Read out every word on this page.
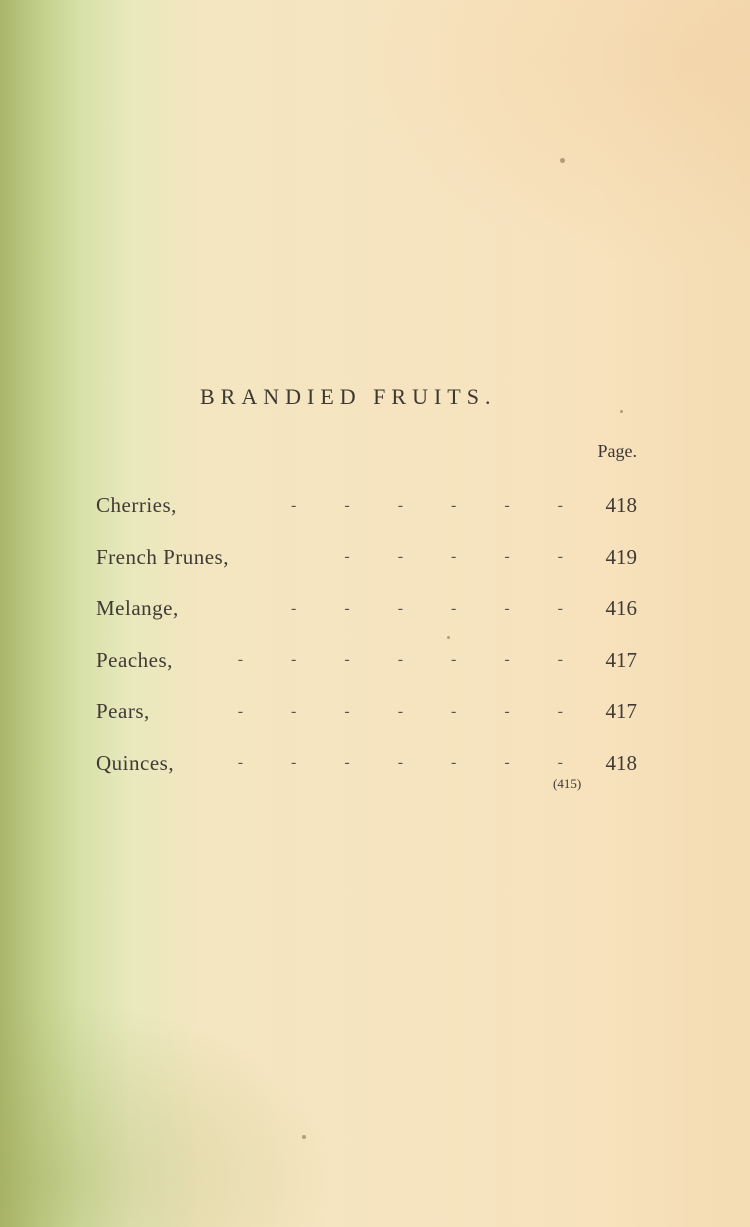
BRANDIED FRUITS.
Page.
Cherries,	- - - - - - 418
French Prunes,	- - - - - 419
Melange,	- - - - - - 416
Peaches,	- - - - - - - 417
Pears,	- - - - - - - 417
Quinces,	- - - - - - - 418
(415)
